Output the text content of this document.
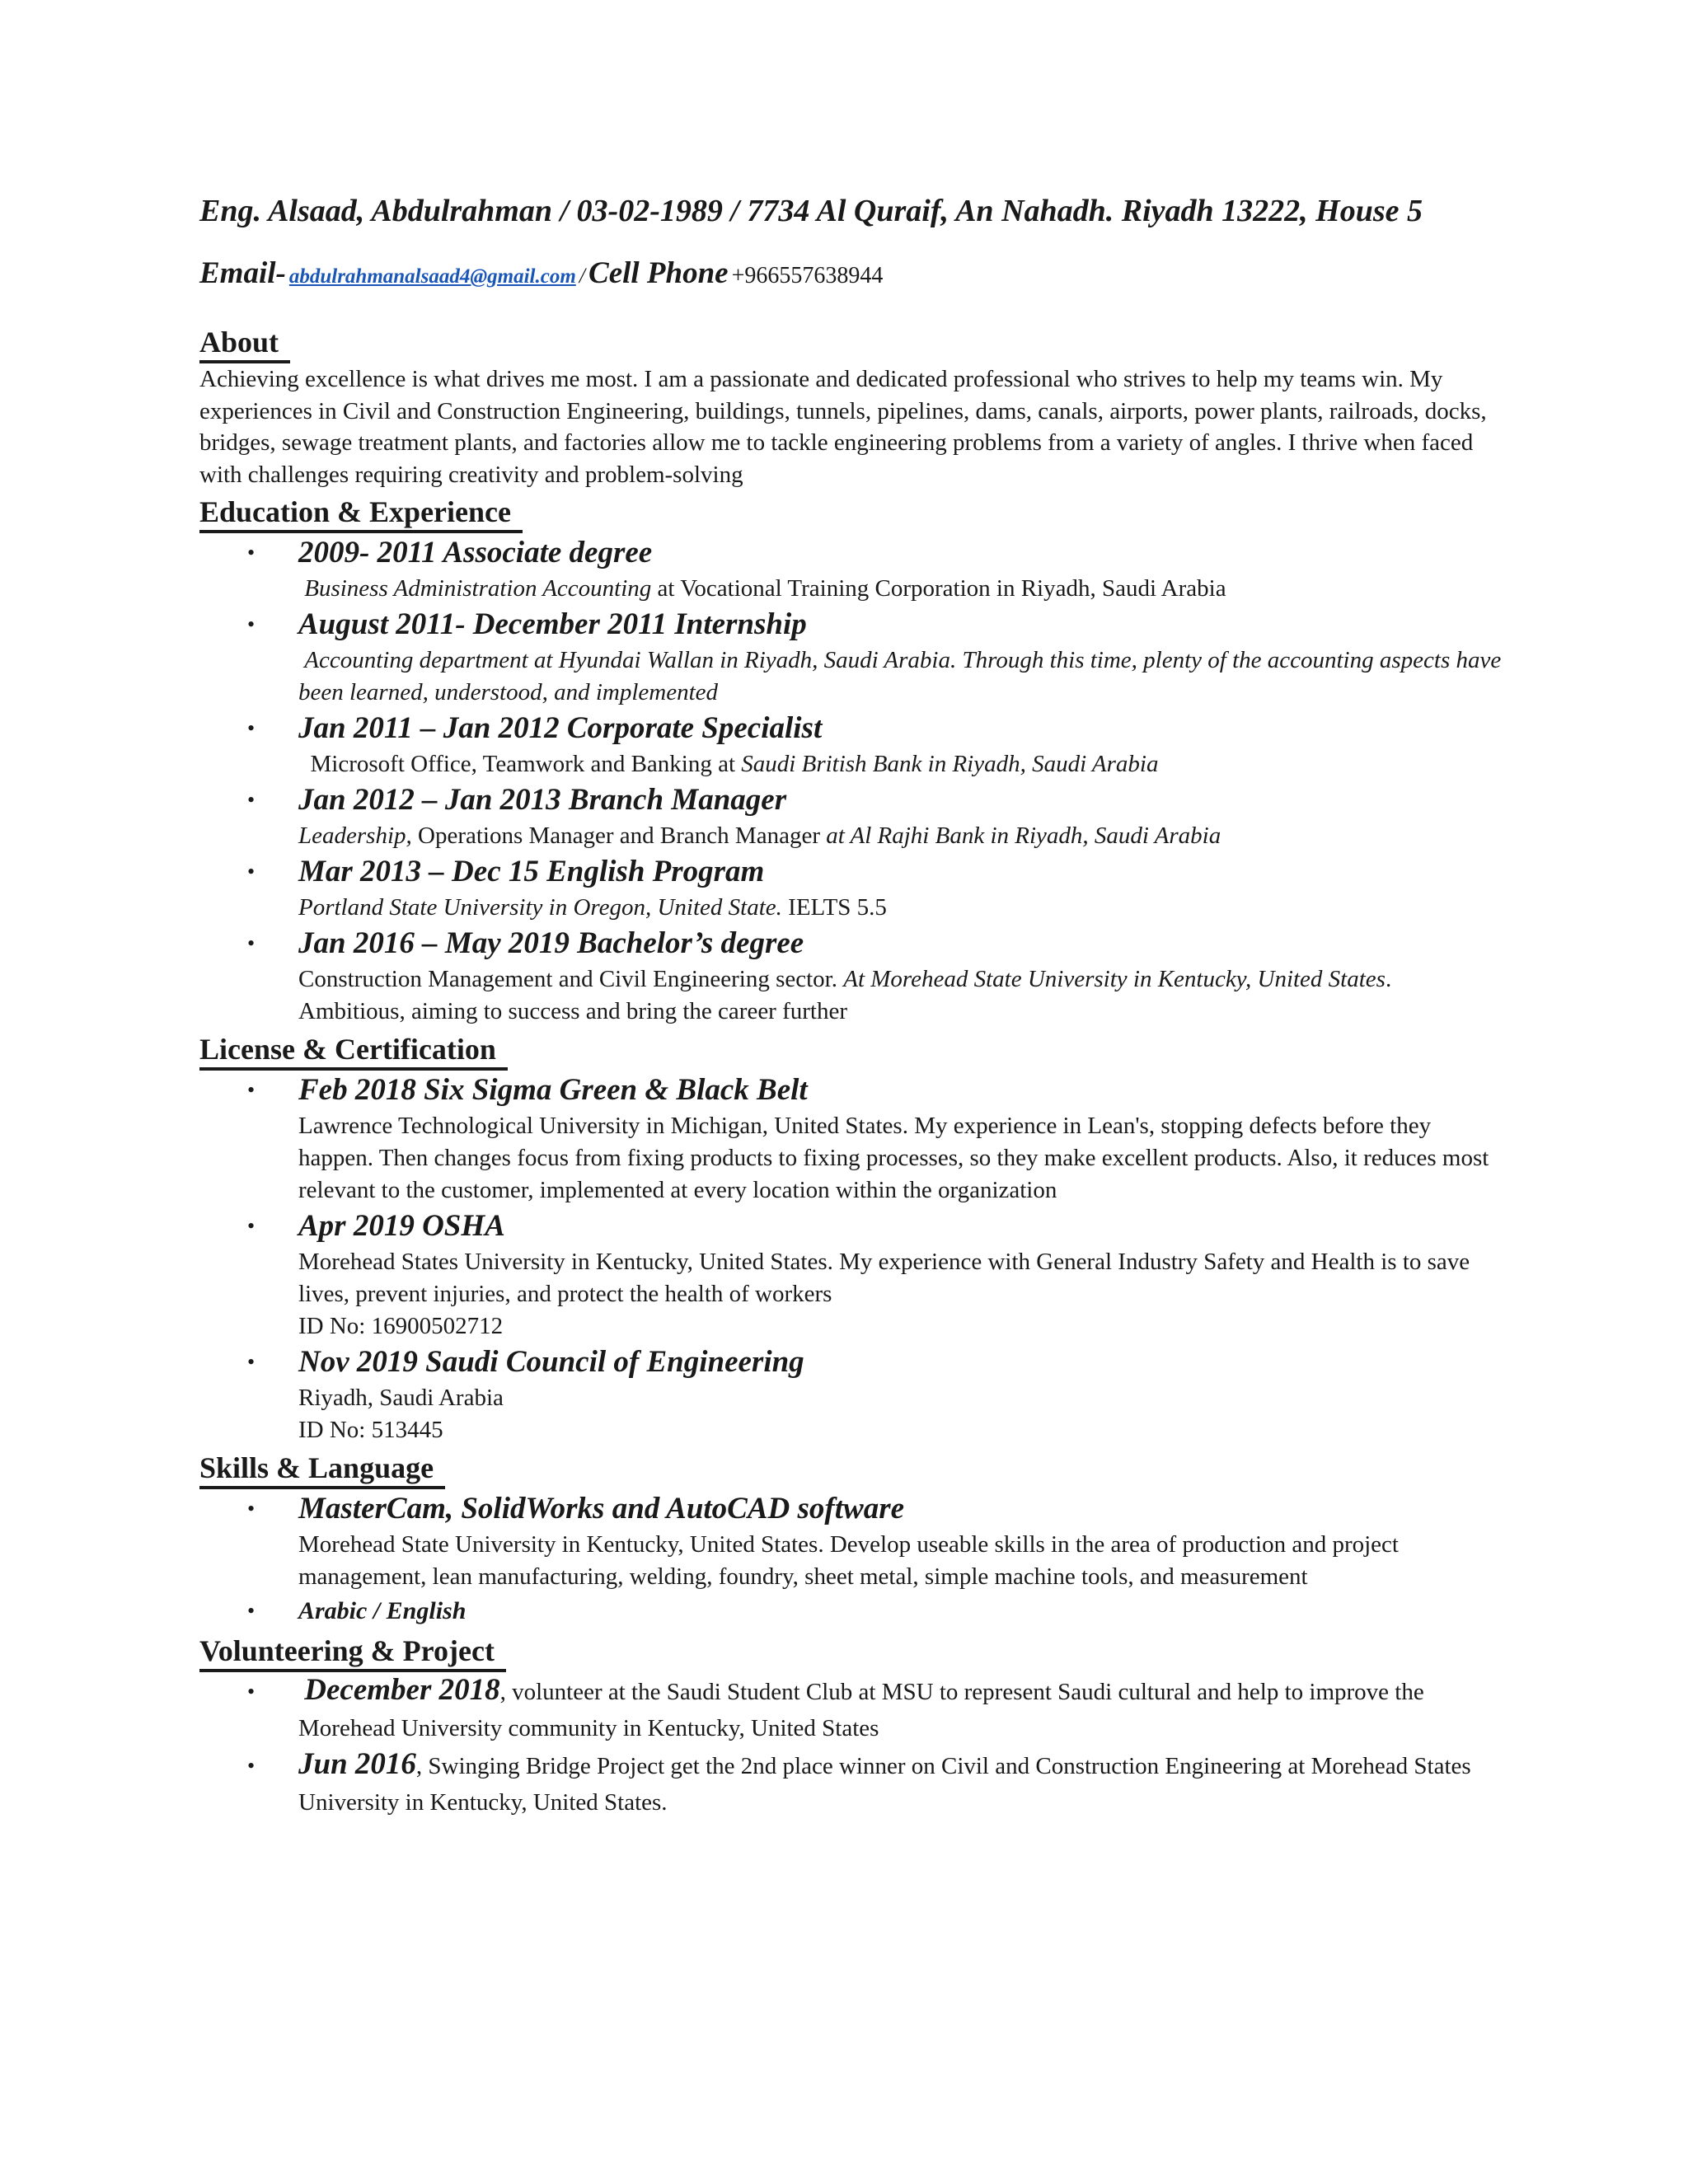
Eng. Alsaad, Abdulrahman / 03-02-1989 / 7734 Al Quraif, An Nahadh. Riyadh 13222, House 5

Email- abdulrahmanalsaad4@gmail.com / Cell Phone +966557638944
About

Achieving excellence is what drives me most. I am a passionate and dedicated professional who strives to help my teams win. My experiences in Civil and Construction Engineering, buildings, tunnels, pipelines, dams, canals, airports, power plants, railroads, docks, bridges, sewage treatment plants, and factories allow me to tackle engineering problems from a variety of angles. I thrive when faced with challenges requiring creativity and problem-solving

Education & Experience
• 2009- 2011 Associate degree
Business Administration Accounting at Vocational Training Corporation in Riyadh, Saudi Arabia
• August 2011- December 2011 Internship
Accounting department at Hyundai Wallan in Riyadh, Saudi Arabia. Through this time, plenty of the accounting aspects have been learned, understood, and implemented
• Jan 2011 – Jan 2012 Corporate Specialist
Microsoft Office, Teamwork and Banking at Saudi British Bank in Riyadh, Saudi Arabia
• Jan 2012 – Jan 2013 Branch Manager
Leadership, Operations Manager and Branch Manager at Al Rajhi Bank in Riyadh, Saudi Arabia
• Mar 2013 – Dec 15 English Program
Portland State University in Oregon, United State. IELTS 5.5
• Jan 2016 – May 2019 Bachelor’s degree
Construction Management and Civil Engineering sector. At Morehead State University in Kentucky, United States. Ambitious, aiming to success and bring the career further
License & Certification
• Feb 2018 Six Sigma Green & Black Belt
Lawrence Technological University in Michigan, United States. My experience in Lean's, stopping defects before they happen. Then changes focus from fixing products to fixing processes, so they make excellent products. Also, it reduces most relevant to the customer, implemented at every location within the organization
• Apr 2019 OSHA
Morehead States University in Kentucky, United States. My experience with General Industry Safety and Health is to save lives, prevent injuries, and protect the health of workers
ID No: 16900502712
• Nov 2019 Saudi Council of Engineering
Riyadh, Saudi Arabia
ID No: 513445
Skills & Language
• MasterCam, SolidWorks and AutoCAD software
Morehead State University in Kentucky, United States. Develop useable skills in the area of production and project management, lean manufacturing, welding, foundry, sheet metal, simple machine tools, and measurement
• Arabic / English
Volunteering & Project
• December 2018, volunteer at the Saudi Student Club at MSU to represent Saudi cultural and help to improve the Morehead University community in Kentucky, United States
• Jun 2016, Swinging Bridge Project get the 2nd place winner on Civil and Construction Engineering at Morehead States University in Kentucky, United States.
